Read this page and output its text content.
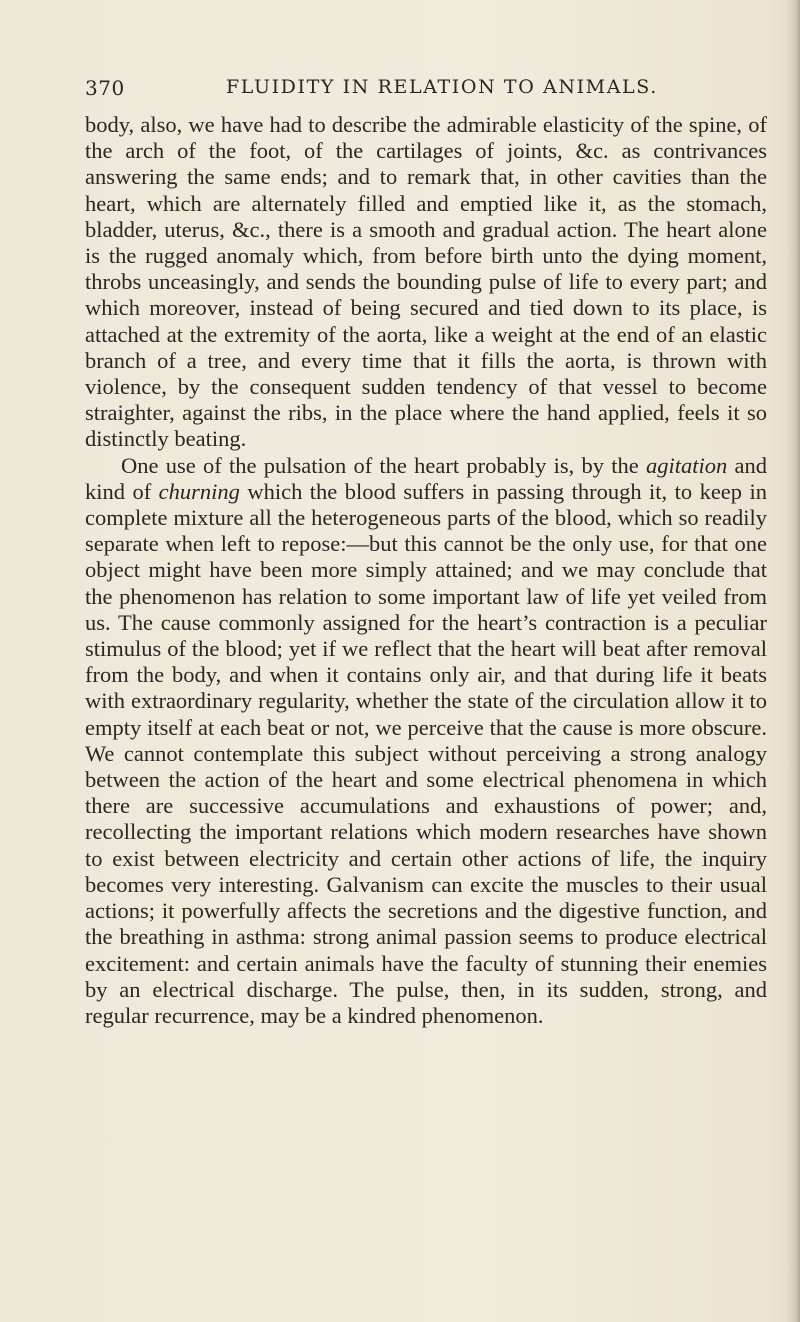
370	FLUIDITY IN RELATION TO ANIMALS.

body, also, we have had to describe the admirable elasticity of the spine, of the arch of the foot, of the cartilages of joints, &c. as contrivances answering the same ends; and to remark that, in other cavities than the heart, which are alternately filled and emptied like it, as the stomach, bladder, uterus, &c., there is a smooth and gradual action. The heart alone is the rugged anomaly which, from before birth unto the dying moment, throbs unceasingly, and sends the bounding pulse of life to every part; and which moreover, instead of being secured and tied down to its place, is attached at the extremity of the aorta, like a weight at the end of an elastic branch of a tree, and every time that it fills the aorta, is thrown with violence, by the consequent sudden tendency of that vessel to become straighter, against the ribs, in the place where the hand applied, feels it so distinctly beating.

One use of the pulsation of the heart probably is, by the agitation and kind of churning which the blood suffers in passing through it, to keep in complete mixture all the heterogeneous parts of the blood, which so readily separate when left to repose:—but this cannot be the only use, for that one object might have been more simply attained; and we may conclude that the phenomenon has relation to some important law of life yet veiled from us. The cause commonly assigned for the heart’s contraction is a peculiar stimulus of the blood; yet if we reflect that the heart will beat after removal from the body, and when it contains only air, and that during life it beats with extraordinary regularity, whether the state of the circulation allow it to empty itself at each beat or not, we perceive that the cause is more obscure. We cannot contemplate this subject without perceiving a strong analogy between the action of the heart and some electrical phenomena in which there are successive accumulations and exhaustions of power; and, recollecting the important relations which modern researches have shown to exist between electricity and certain other actions of life, the inquiry becomes very interesting. Galvanism can excite the muscles to their usual actions; it powerfully affects the secretions and the digestive function, and the breathing in asthma: strong animal passion seems to produce electrical excitement: and certain animals have the faculty of stunning their enemies by an electrical discharge. The pulse, then, in its sudden, strong, and regular recurrence, may be a kindred phenomenon.
